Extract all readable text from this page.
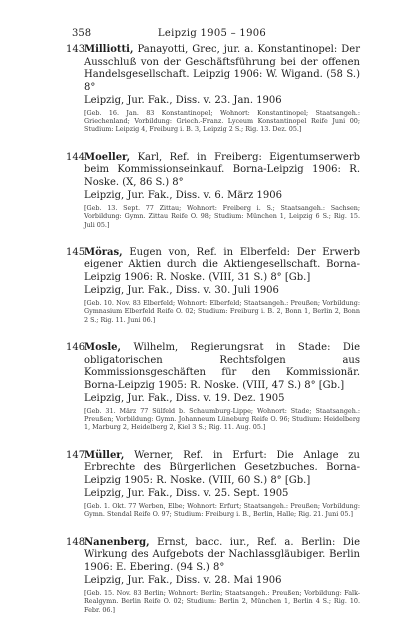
358	Leipzig 1905 – 1906
143
Milliotti, Panayotti, Grec, jur. a. Konstantinopel: Der Ausschluß von der Geschäftsführung bei der offenen Handelsgesellschaft. Leipzig 1906: W. Wigand. (58 S.) 8°
Leipzig, Jur. Fak., Diss. v. 23. Jan. 1906
[Geb. 16. Jan. 83 Konstantinopel; Wohnort: Konstantinopel; Staatsangeh.: Griechenland; Vorbildung: Griech.-Franz. Lyceum Konstantinopel Reife Juni 00; Studium: Leipzig 4, Freiburg i. B. 3, Leipzig 2 S.; Rig. 13. Dez. 05.]
144
Moeller, Karl, Ref. in Freiberg: Eigentumserwerb beim Kommissionseinkauf. Borna-Leipzig 1906: R. Noske. (X, 86 S.) 8°
Leipzig, Jur. Fak., Diss. v. 6. März 1906
[Geb. 13. Sept. 77 Zittau; Wohnort: Freiberg i. S.; Staatsangeh.: Sachsen; Vorbildung: Gymn. Zittau Reife O. 98; Studium: München 1, Leipzig 6 S.; Rig. 15. Juli 05.]
145
Möras, Eugen von, Ref. in Elberfeld: Der Erwerb eigener Aktien durch die Aktiengesellschaft. Borna-Leipzig 1906: R. Noske. (VIII, 31 S.) 8° [Gb.]
Leipzig, Jur. Fak., Diss. v. 30. Juli 1906
[Geb. 10. Nov. 83 Elberfeld; Wohnort: Elberfeld; Staatsangeh.: Preußen; Vorbildung: Gymnasium Elberfeld Reife O. 02; Studium: Freiburg i. B. 2, Bonn 1, Berlin 2, Bonn 2 S.; Rig. 11. Juni 06.]
146
Mosle, Wilhelm, Regierungsrat in Stade: Die obligatorischen Rechtsfolgen aus Kommissionsgeschäften für den Kommissionär. Borna-Leipzig 1905: R. Noske. (VIII, 47 S.) 8° [Gb.]
Leipzig, Jur. Fak., Diss. v. 19. Dez. 1905
[Geb. 31. März 77 Sülfeld b. Schaumburg-Lippe; Wohnort: Stade; Staatsangeh.: Preußen; Vorbildung: Gymn. Johanneum Lüneburg Reife O. 96; Studium: Heidelberg 1, Marburg 2, Heidelberg 2, Kiel 3 S.; Rig. 11. Aug. 05.]
147
Müller, Werner, Ref. in Erfurt: Die Anlage zu Erbrechte des Bürgerlichen Gesetzbuches. Borna-Leipzig 1905: R. Noske. (VIII, 60 S.) 8° [Gb.]
Leipzig, Jur. Fak., Diss. v. 25. Sept. 1905
[Geb. 1. Okt. 77 Werben, Elbe; Wohnort: Erfurt; Staatsangeh.: Preußen; Vorbildung: Gymn. Stendal Reife O. 97; Studium: Freiburg i. B., Berlin, Halle; Rig. 21. Juni 05.]
148
Nanenberg, Ernst, bacc. iur., Ref. a. Berlin: Die Wirkung des Aufgebots der Nachlassgläubiger. Berlin 1906: E. Ebering. (94 S.) 8°
Leipzig, Jur. Fak., Diss. v. 28. Mai 1906
[Geb. 15. Nov. 83 Berlin; Wohnort: Berlin; Staatsangeh.: Preußen; Vorbildung: Falk-Realgymn. Berlin Reife O. 02; Studium: Berlin 2, München 1, Berlin 4 S.; Rig. 10. Febr. 06.]
